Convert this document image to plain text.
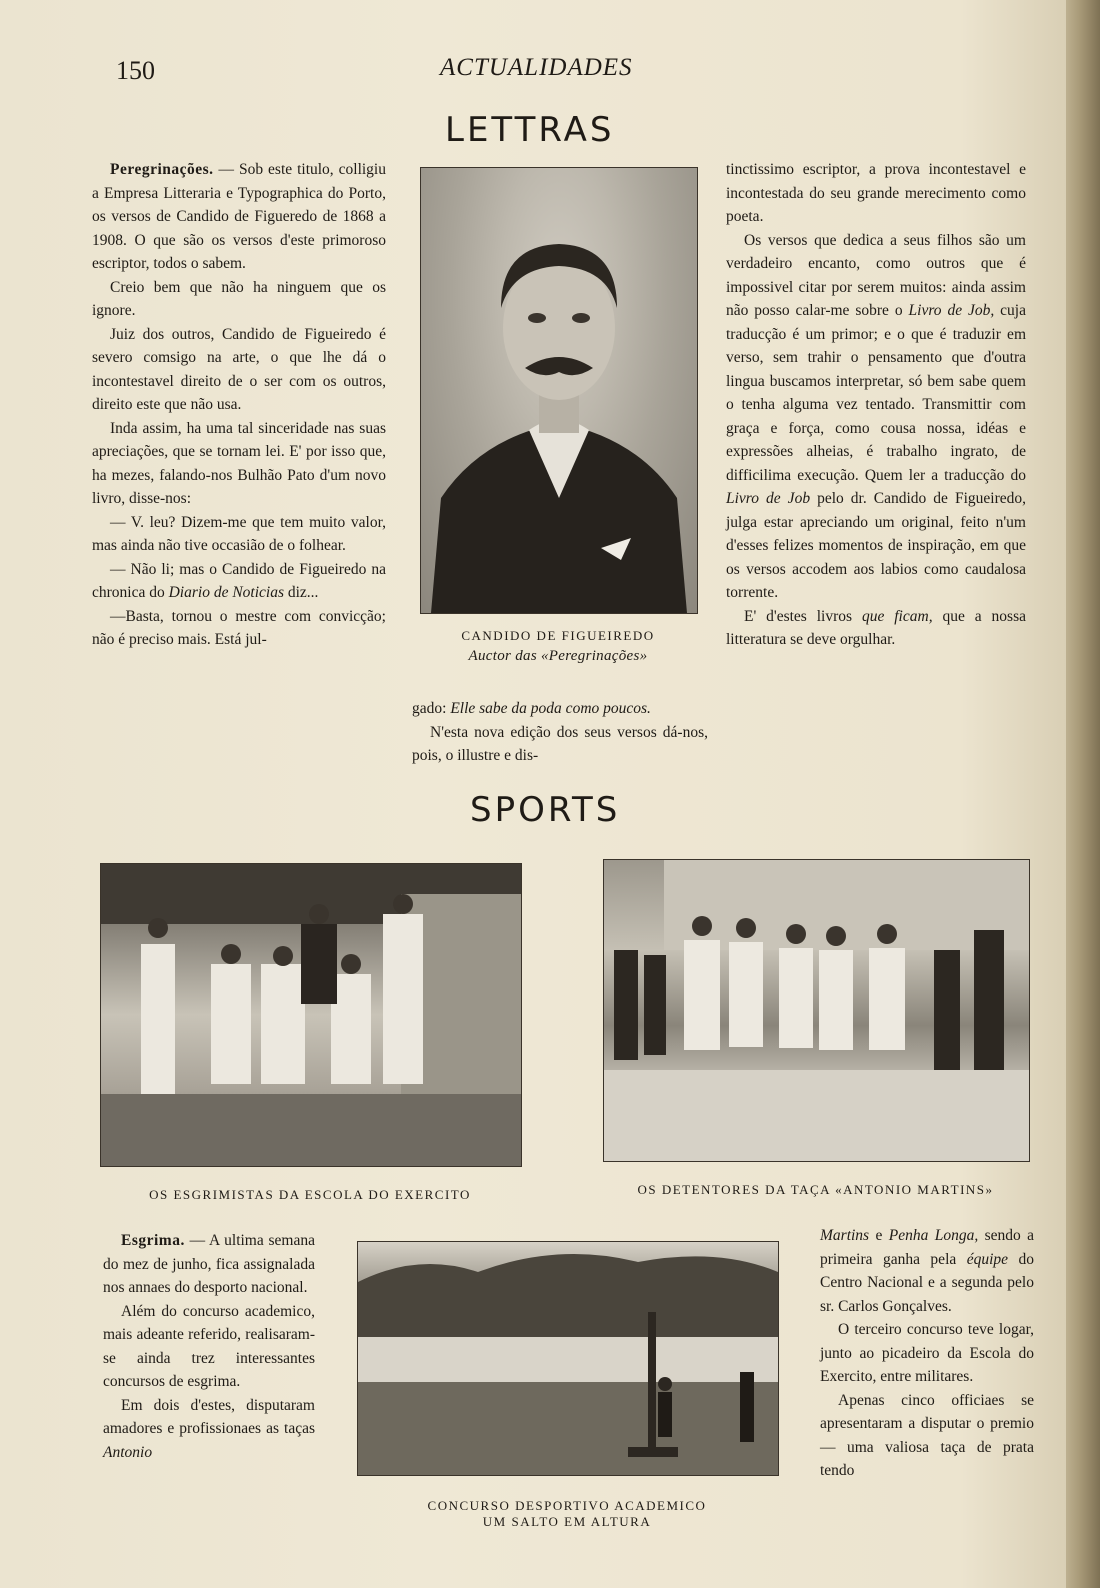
150	ACTUALIDADES
LETTRAS

Peregrinações. — Sob este titulo, colligiu a Empresa Litteraria e Typographica do Porto, os versos de Candido de Figueredo de 1868 a 1908. O que são os versos d'este primoroso escriptor, todos o sabem.

Creio bem que não ha ninguem que os ignore.

Juiz dos outros, Candido de Figueiredo é severo comsigo na arte, o que lhe dá o incontestavel direito de o ser com os outros, direito este que não usa.

Inda assim, ha uma tal sinceridade nas suas apreciações, que se tornam lei. E' por isso que, ha mezes, falando-nos Bulhão Pato d'um novo livro, disse-nos:

— V. leu? Dizem-me que tem muito valor, mas ainda não tive occasião de o folhear.

— Não li; mas o Candido de Figueiredo na chronica do Diario de Noticias diz...

—Basta, tornou o mestre com convicção; não é preciso mais. Está jul-	CANDIDO DE FIGUEIREDO
Auctor das «Peregrinações»

gado: Elle sabe da poda como poucos.

N'esta nova edição dos seus versos dá-nos, pois, o illustre e dis-

tinctissimo escriptor, a prova incontestavel e incontestada do seu grande merecimento como poeta.

Os versos que dedica a seus filhos são um verdadeiro encanto, como outros que é impossivel citar por serem muitos: ainda assim não posso calar-me sobre o Livro de Job, cuja traducção é um primor; e o que é traduzir em verso, sem trahir o pensamento que d'outra lingua buscamos interpretar, só bem sabe quem o tenha alguma vez tentado. Transmittir com graça e força, como cousa nossa, idéas e expressões alheias, é trabalho ingrato, de difficilima execução. Quem ler a traducção do Livro de Job pelo dr. Candido de Figueiredo, julga estar apreciando um original, feito n'um d'esses felizes momentos de inspiração, em que os versos accodem aos labios como caudalosa torrente.

E' d'estes livros que ficam, que a nossa litteratura se deve orgulhar.

SPORTS
OS ESGRIMISTAS DA ESCOLA DO EXERCITO	OS DETENTORES DA TAÇA «ANTONIO MARTINS»

Esgrima. — A ultima semana do mez de junho, fica assignalada nos annaes do desporto nacional.

Além do concurso academico, mais adeante referido, realisaram-se ainda trez interessantes concursos de esgrima.

Em dois d'estes, disputaram amadores e profissionaes as taças Antonio

CONCURSO DESPORTIVO ACADEMICO
UM SALTO EM ALTURA

Martins e Penha Longa, sendo a primeira ganha pela équipe do Centro Nacional e a segunda pelo sr. Carlos Gonçalves.

O terceiro concurso teve logar, junto ao picadeiro da Escola do Exercito, entre militares.

Apenas cinco officiaes se apresentaram a disputar o premio — uma valiosa taça de prata tendo
